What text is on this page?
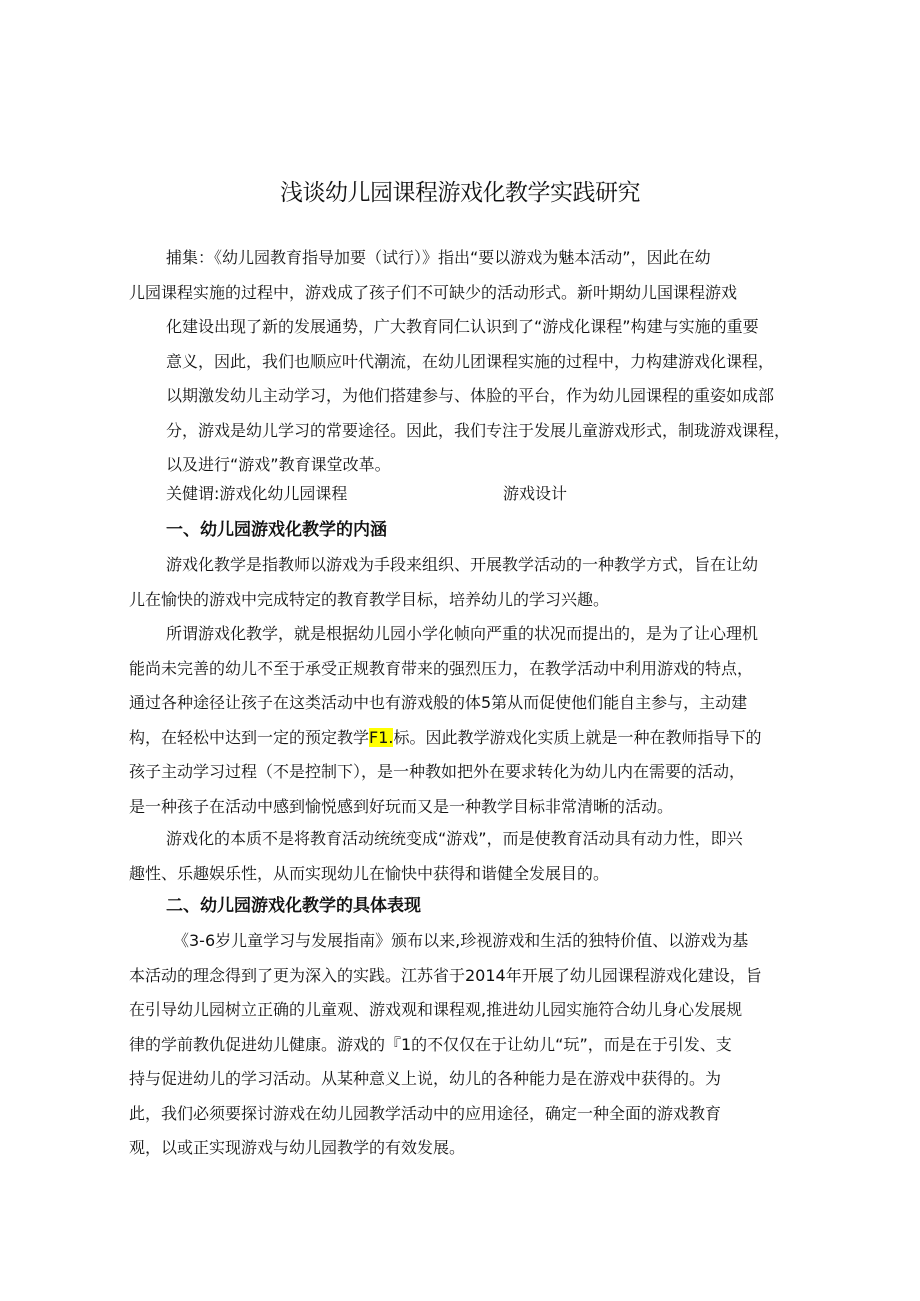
浅谈幼儿园课程游戏化教学实践研究
捕集：《幼儿园教育指导加要（试行）》指出“要以游戏为魅本活动”，因此在幼
儿园课程实施的过程中，游戏成了孩子们不可缺少的活动形式。新叶期幼儿国课程游戏
化建设出现了新的发展通势，广大教育同仁认识到了“游戍化课程”构建与实施的重要
意义，因此，我们也顺应叶代潮流，在幼儿团课程实施的过程中，力构建游戏化课程，
以期激发幼儿主动学习，为他们搭建参与、体脸的平台，作为幼儿园课程的重姿如成部
分，游戏是幼儿学习的常要途径。因此，我们专注于发展儿童游戏形式，制珑游戏课程，
以及进行“游戏”教育课堂改革。
关健谓:游戏化幼儿园课程	游戏设计
一、幼儿园游戏化教学的内涵
游戏化教学是指教师以游戏为手段来组织、开展教学活动的一种教学方式，旨在让幼
儿在愉快的游戏中完成特定的教育教学目标，培养幼儿的学习兴趣。
所谓游戏化教学，就是根据幼儿园小学化帧向严重的状况而提出的，是为了让心理机
能尚未完善的幼儿不至于承受正规教育带来的强烈压力，在教学活动中利用游戏的特点，
通过各种途径让孩子在这类活动中也有游戏般的体5第从而促使他们能自主参与，主动建
构，在轻松中达到一定的预定教学F1.标。因此教学游戏化实质上就是一种在教师指导下的
孩子主动学习过程（不是控制下），是一种教如把外在要求转化为幼儿内在需要的活动，
是一种孩子在活动中感到愉悦感到好玩而又是一种教学目标非常清晰的活动。
游戏化的本质不是将教育活动统统变成“游戏”，而是使教育活动具有动力性，即兴
趣性、乐趣娱乐性，从而实现幼儿在愉快中获得和谐健全发展目的。
二、幼儿园游戏化教学的具体表现
《3-6岁儿童学习与发展指南》颁布以来,珍视游戏和生活的独特价值、以游戏为基
本活动的理念得到了更为深入的实践。江苏省于2014年开展了幼儿园课程游戏化建设，旨
在引导幼儿园树立正确的儿童观、游戏观和课程观,推进幼儿园实施符合幼儿身心发展规
律的学前教仇促进幼儿健康。游戏的『1的不仅仅在于让幼儿“玩”，而是在于引发、支
持与促进幼儿的学习活动。从某种意义上说，幼儿的各种能力是在游戏中获得的。为
此，我们必须要探讨游戏在幼儿园教学活动中的应用途径，确定一种全面的游戏教育
观，以或正实现游戏与幼儿园教学的有效发展。
